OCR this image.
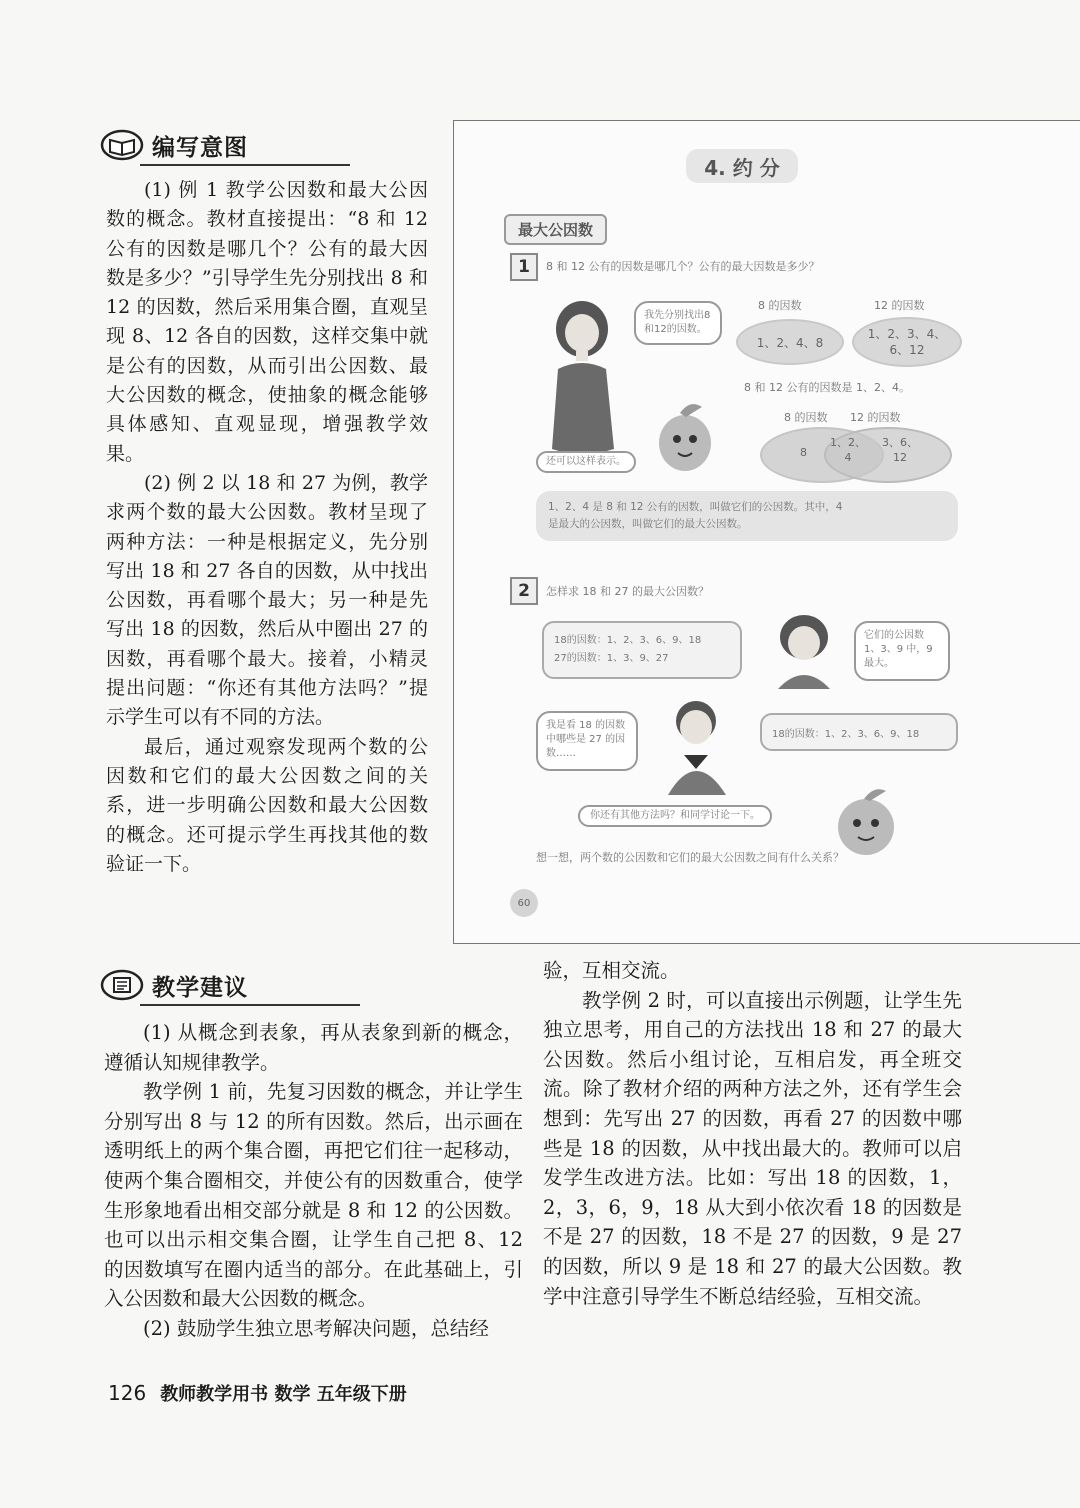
编写意图

(1) 例 1 教学公因数和最大公因数的概念。教材直接提出：“8 和 12 公有的因数是哪几个？公有的最大因数是多少？”引导学生先分别找出 8 和 12 的因数，然后采用集合圈，直观呈现 8、12 各自的因数，这样交集中就是公有的因数，从而引出公因数、最大公因数的概念，使抽象的概念能够具体感知、直观显现，增强教学效果。

(2) 例 2 以 18 和 27 为例，教学求两个数的最大公因数。教材呈现了两种方法：一种是根据定义，先分别写出 18 和 27 各自的因数，从中找出公因数，再看哪个最大；另一种是先写出 18 的因数，然后从中圈出 27 的因数，再看哪个最大。接着，小精灵提出问题：“你还有其他方法吗？”提示学生可以有不同的方法。

最后，通过观察发现两个数的公因数和它们的最大公因数之间的关系，进一步明确公因数和最大公因数的概念。还可提示学生再找其他的数验证一下。

4. 约 分
最大公因数
1	8 和 12 公有的因数是哪几个？公有的最大因数是多少？
我先分别找出8和12的因数。
8 的因数	12 的因数
1、2、4、8
1、2、3、4、
6、12
8 和 12 公有的因数是 1、2、4。
还可以这样表示。
8 的因数 12 的因数
8
1、2、
4
3、6、
12
1、2、4 是 8 和 12 公有的因数，叫做它们的公因数。其中，4
是最大的公因数，叫做它们的最大公因数。
2	怎样求 18 和 27 的最大公因数？
18的因数：1、2、3、6、9、18
27的因数：1、3、9、27
它们的公因数 1、3、9 中，9 最大。
我是看 18 的因数中哪些是 27 的因数……
18的因数：1、2、3、6、9、18
你还有其他方法吗？和同学讨论一下。
想一想，两个数的公因数和它们的最大公因数之间有什么关系？
60
教学建议

(1) 从概念到表象，再从表象到新的概念，遵循认知规律教学。

教学例 1 前，先复习因数的概念，并让学生分别写出 8 与 12 的所有因数。然后，出示画在透明纸上的两个集合圈，再把它们往一起移动，使两个集合圈相交，并使公有的因数重合，使学生形象地看出相交部分就是 8 和 12 的公因数。也可以出示相交集合圈，让学生自己把 8、12 的因数填写在圈内适当的部分。在此基础上，引入公因数和最大公因数的概念。

(2) 鼓励学生独立思考解决问题，总结经

验，互相交流。

教学例 2 时，可以直接出示例题，让学生先独立思考，用自己的方法找出 18 和 27 的最大公因数。然后小组讨论，互相启发，再全班交流。除了教材介绍的两种方法之外，还有学生会想到：先写出 27 的因数，再看 27 的因数中哪些是 18 的因数，从中找出最大的。教师可以启发学生改进方法。比如：写出 18 的因数，1，2，3，6，9，18 从大到小依次看 18 的因数是不是 27 的因数，18 不是 27 的因数，9 是 27 的因数，所以 9 是 18 和 27 的最大公因数。教学中注意引导学生不断总结经验，互相交流。

126 教师教学用书 数学 五年级下册
